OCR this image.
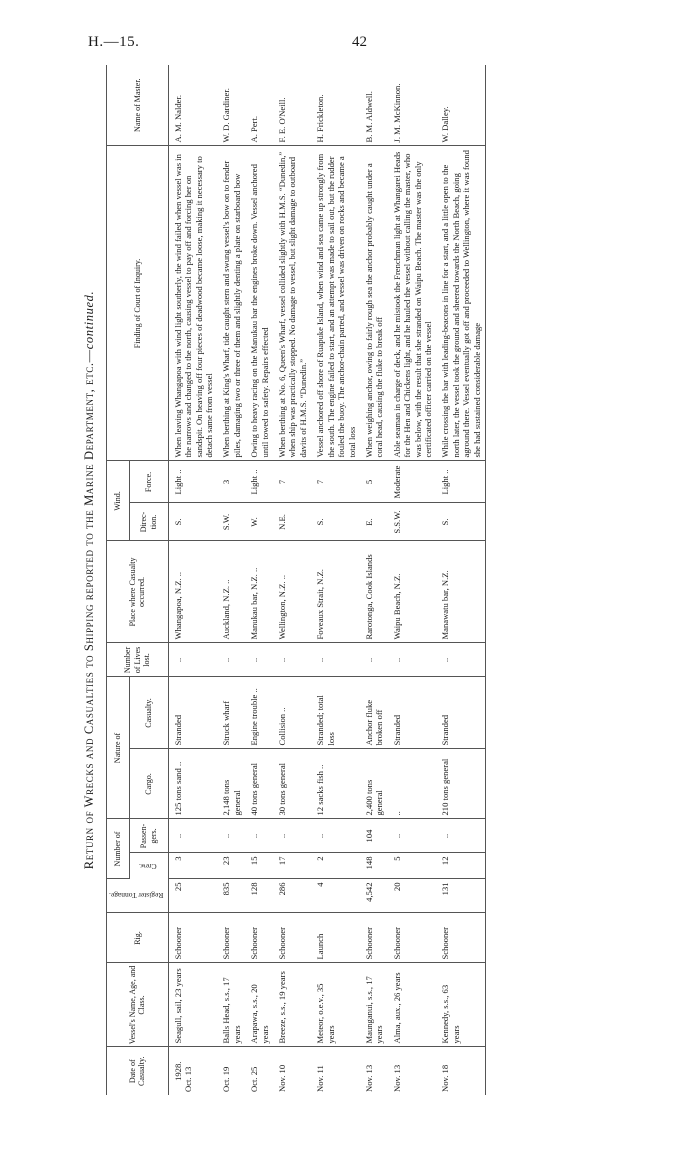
H.—15.	42
Return of Wrecks and Casualties to Shipping reported to the Marine Department, etc.—continued.
Date of Casualty.	Vessel's Name, Age, and Class.	Rig.	Register Tonnage.	Number of		Nature of		Number of Lives lost.	Place where Casualty occurred.	Wind.		Finding of Court of Inquiry.	Name of Master.
				Crew.	Passen- gers.	Cargo.	Casualty.			Direc- tion.	Force.		

1928. Oct. 13	Seagull, sail, 23 years	Schooner	25	3	..	125 tons sand ..	Stranded	..	Whangapoa, N.Z. ..	S.	Light ..	When leaving Whangapoa with wind light southerly, the wind failed when vessel was in the narrows and changed to the north, causing vessel to pay off and forcing her on sandspit. On heaving off four pieces of deadwood became loose, making it necessary to detach same from vessel	A. M. Nalder.
Oct. 19	Balls Head, s.s., 17 years	Schooner	835	23	..	2,148 tons general	Struck wharf	..	Auckland, N.Z. ..	S.W.	3	When berthing at King's Wharf, tide caught stern and swung vessel's bow on to fender piles, damaging two or three of them and slightly denting a plate on starboard bow	W. D. Gardiner.
Oct. 25	Arapawa, s.s., 20 years	Schooner	128	15	..	40 tons general	Engine trouble ..	..	Manukau bar, N.Z. ..	W.	Light ..	Owing to heavy racing on the Manukau bar the engines broke down. Vessel anchored until towed to safety. Repairs effected	A. Pert.
Nov. 10	Breeze, s.s., 19 years	Schooner	286	17	..	30 tons general	Collision ..	..	Wellington, N.Z. ..	N.E.	7	When berthing at No. 6, Queen's Wharf, vessel collided slightly with H.M.S. “Dunedin,” when ship was practically stopped. No damage to vessel, but slight damage to outboard davits of H.M.S. “Dunedin.”	F. E. O'Neill.
Nov. 11	Meteor, o.e.v., 35 years	Launch	4	2	..	12 sacks fish ..	Stranded; total loss	..	Foveaux Strait, N.Z.	S.	7	Vessel anchored off shore of Ruapuke Island, when wind and sea came up strongly from the south. The engine failed to start, and an attempt was made to sail out, but the rudder fouled the buoy. The anchor-chain parted, and vessel was driven on rocks and became a total loss	H. Frickleton.
Nov. 13	Maunganui, s.s., 17 years	Schooner	4,542	148	104	2,400 tons general	Anchor fluke broken off	..	Rarotonga, Cook Islands	E.	5	When weighing anchor, owing to fairly rough sea the anchor probably caught under a coral head, causing the fluke to break off	B. M. Aldwell.
Nov. 13	Alma, aux., 26 years	Schooner	20	5	..	..	Stranded	..	Waipu Beach, N.Z.	S.S.W.	Moderate	Able seaman in charge of deck, and he mistook the Frenchman light at Whangarei Heads for the Hen and Chickens light, and he hauled the vessel without calling the master, who was below, with the result that she stranded on Waipu Beach. The master was the only certificated officer carried on the vessel	J. M. McKinnon.
Nov. 18	Kennedy, s.s., 63 years	Schooner	131	12	..	210 tons general	Stranded	..	Manawatu bar, N.Z.	S.	Light ..	While crossing the bar with leading-beacons in line for a start, and a little open to the north later, the vessel took the ground and sheered towards the North Beach, going aground there. Vessel eventually got off and proceeded to Wellington, where it was found she had sustained considerable damage	W. Dalley.
